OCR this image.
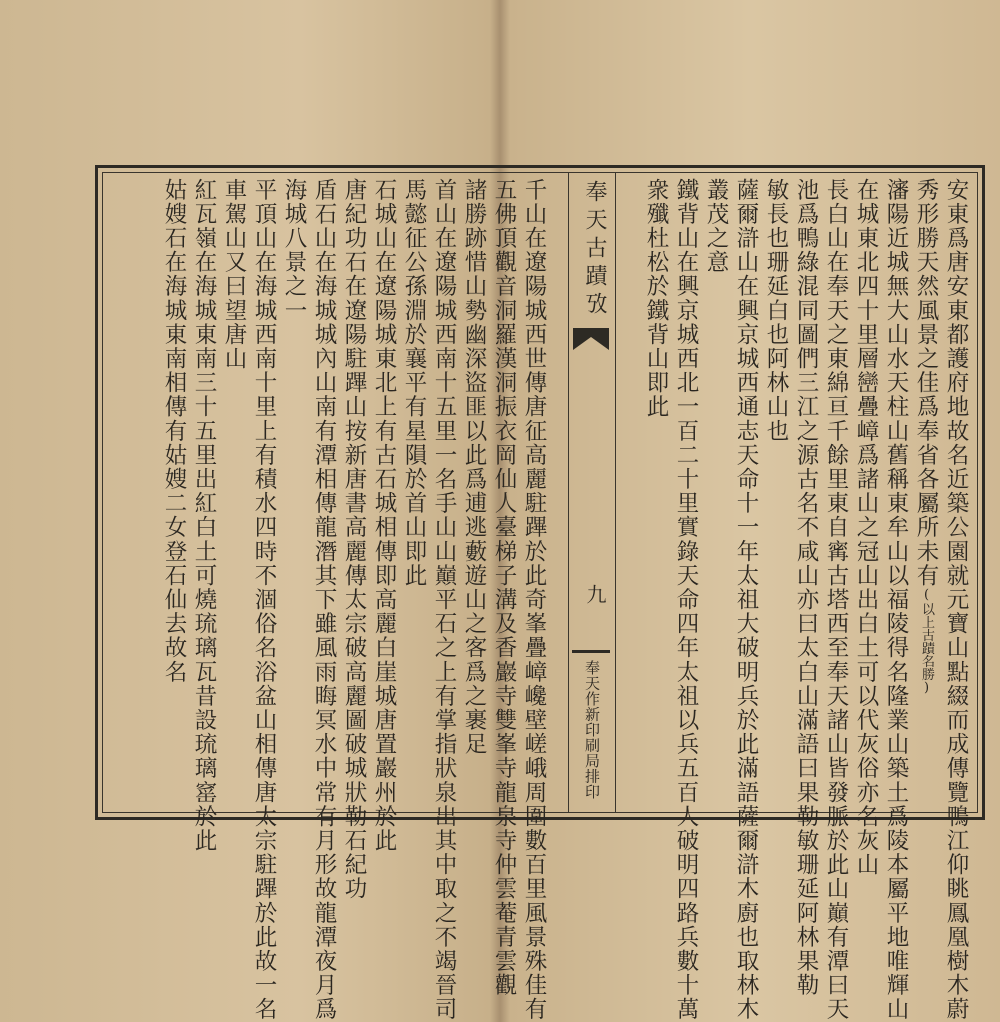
安東爲唐安東都護府地故名近築公園就元寶山點綴而成傳覽鴨江仰眺鳳凰樹木蔚
秀形勝天然風景之佳爲奉省各屬所未有(以上古蹟名勝)
瀋陽近城無大山水天柱山舊稱東牟山以福陵得名隆業山築土爲陵本屬平地唯輝山
在城東北四十里層巒疊嶂爲諸山之冠山出白土可以代灰俗亦名灰山
長白山在奉天之東綿亘千餘里東自寗古塔西至奉天諸山皆發脈於此山巔有潭曰天
池爲鴨綠混同圖們三江之源古名不咸山亦曰太白山滿語曰果勒敏珊延阿林果勒
敏長也珊延白也阿林山也
薩爾滸山在興京城西通志天命十一年太祖大破明兵於此滿語薩爾滸木廚也取林木
叢茂之意
鐵背山在興京城西北一百二十里實錄天命四年太祖以兵五百人破明四路兵數十萬
衆殲杜松於鐵背山即此
奉天古蹟攷
九
奉天作新印刷局排印
千山在遼陽城西世傳唐征高麗駐蹕於此奇峯疊嶂巉壁嵯峨周圍數百里風景殊佳有
五佛頂觀音洞羅漢洞振衣岡仙人臺梯子溝及香巖寺雙峯寺龍泉寺仲雲菴青雲觀
諸勝跡惜山勢幽深盜匪以此爲逋逃藪遊山之客爲之裹足
首山在遼陽城西南十五里一名手山山巔平石之上有掌指狀泉出其中取之不竭晉司
馬懿征公孫淵於襄平有星隕於首山即此
石城山在遼陽城東北上有古石城相傳即高麗白崖城唐置巖州於此
唐紀功石在遼陽駐蹕山按新唐書高麗傳太宗破高麗圖破城狀勒石紀功
盾石山在海城城內山南有潭相傳龍潛其下雖風雨晦冥水中常有月形故龍潭夜月爲
海城八景之一
平頂山在海城西南十里上有積水四時不涸俗名浴盆山相傳唐太宗駐蹕於此故一名
車駕山又曰望唐山
紅瓦嶺在海城東南三十五里出紅白土可燒琉璃瓦昔設琉璃窰於此
姑嫂石在海城東南相傳有姑嫂二女登石仙去故名
